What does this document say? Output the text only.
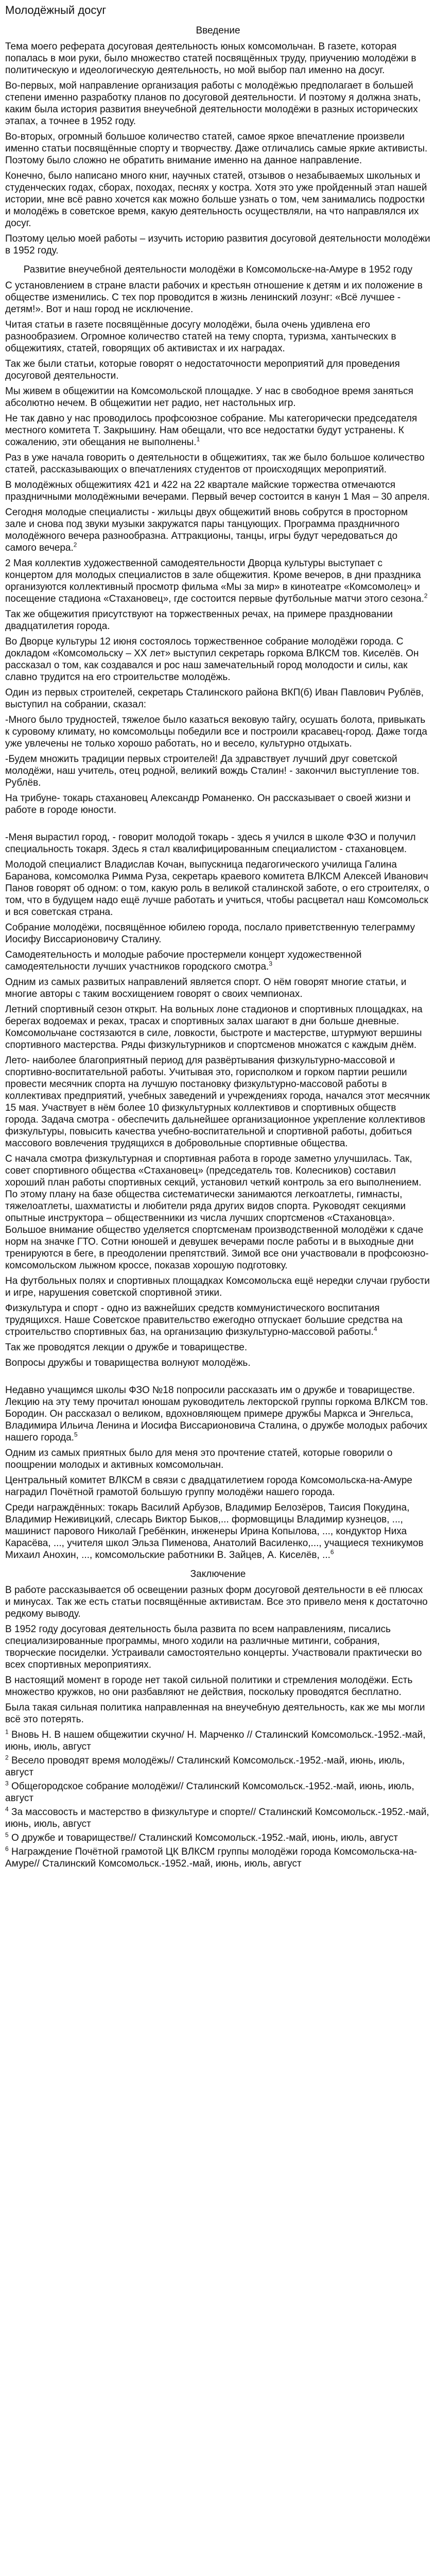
Молодёжный досуг
Введение

Тема моего реферата досуговая деятельность юных комсомольчан. В газете, которая попалась в мои руки, было множество статей посвящённых труду, приучению молодёжи в политическую и идеологическую деятельность, но мой выбор пал именно на досуг.

Во-первых, мой направление организация работы с молодёжью предполагает в большей степени именно разработку планов по досуговой деятельности. И поэтому я должна знать, каким была история развития внеучебной деятельности молодёжи в разных исторических этапах, а точнее в 1952 году.

Во-вторых, огромный большое количество статей, самое яркое впечатление произвели именно статьи посвящённые спорту и творчеству. Даже отличались самые яркие активисты. Поэтому было сложно не обратить внимание именно на данное направление.

Конечно, было написано много книг, научных статей, отзывов о незабываемых школьных и студенческих годах, сборах, походах, песнях у костра. Хотя это уже пройденный этап нашей истории, мне всё равно хочется как можно больше узнать о том, чем занимались подростки и молодёжь в советское время, какую деятельность осуществляли, на что направлялся их досуг.

Поэтому целью моей работы – изучить историю развития досуговой деятельности молодёжи в 1952 году.

Развитие внеучебной деятельности молодёжи в Комсомольске-на-Амуре в 1952 году

С установлением в стране власти рабочих и крестьян отношение к детям и их положение в обществе изменились. С тех пор проводится в жизнь ленинский лозунг: «Всё лучшее - детям!». Вот и наш город не исключение.

Читая статьи в газете посвящённые досугу молодёжи, была очень удивлена его разнообразием. Огромное количество статей на тему спорта, туризма, хантыческих в общежитиях, статей, говорящих об активистах и их наградах.

Так же были статьи, которые говорят о недостаточности мероприятий для проведения досуговой деятельности.

Мы живем в общежитии на Комсомольской площадке. У нас в свободное время заняться абсолютно нечем. В общежитии нет радио, нет настольных игр.

Не так давно у нас проводилось профсоюзное собрание. Мы категорически председателя местного комитета Т. Закрышину. Нам обещали, что все недостатки будут устранены. К сожалению, эти обещания не выполнены.$^1$

Раз в уже начала говорить о деятельности в общежитиях, так же было большое количество статей, рассказывающих о впечатлениях студентов от происходящих мероприятий.

В молодёжных общежитиях 421 и 422 на 22 квартале майские торжества отмечаются праздничными молодёжными вечерами. Первый вечер состоится в канун 1 Мая – 30 апреля.

Сегодня молодые специалисты - жильцы двух общежитий вновь собрутся в просторном зале и снова под звуки музыки закружатся пары танцующих. Программа праздничного молодёжного вечера разнообразна. Аттракционы, танцы, игры будут чередоваться до самого вечера.$^2$

2 Мая коллектив художественной самодеятельности Дворца культуры выступает с концертом для молодых специалистов в зале общежития. Кроме вечеров, в дни праздника организуются коллективный просмотр фильма «Мы за мир» в кинотеатре «Комсомолец» и посещение стадиона «Стахановец», где состоится первые футбольные матчи этого сезона.$^2$

Так же общежития присутствуют на торжественных речах, на примере праздновании двадцатилетия города.

Во Дворце культуры 12 июня состоялось торжественное собрание молодёжи города. С докладом «Комсомольску – XX лет» выступил секретарь горкома ВЛКСМ тов. Киселёв. Он рассказал о том, как создавался и рос наш замечательный город молодости и силы, как славно трудится на его строительстве молодёжь.

Один из первых строителей, секретарь Сталинского района ВКП(б) Иван Павлович Рублёв, выступил на собрании, сказал:

-Много было трудностей, тяжелое было казаться вековую тайгу, осушать болота, привыкать к суровому климату, но комсомольцы победили все и построили красавец-город. Даже тогда уже увлечены не только хорошо работать, но и весело, культурно отдыхать.

-Будем множить традиции первых строителей! Да здравствует лучший друг советской молодёжи, наш учитель, отец родной, великий вождь Сталин! - закончил выступление тов. Рублёв.

На трибуне- токарь стахановец Александр Романенко. Он рассказывает о своей жизни и работе в городе юности.

-Меня вырастил город, - говорит молодой токарь - здесь я учился в школе ФЗО и получил специальность токаря. Здесь я стал квалифицированным специалистом - стахановцем.

Молодой специалист Владислав Кочан, выпускница педагогического училища Галина Баранова, комсомолка Римма Руза, секретарь краевого комитета ВЛКСМ Алексей Иванович Панов говорят об одном: о том, какую роль в великой сталинской заботе, о его строителях, о том, что в будущем надо ещё лучше работать и учиться, чтобы расцветал наш Комсомольск и вся советская страна.

Собрание молодёжи, посвящённое юбилею города, послало приветственную телеграмму Иосифу Виссарионовичу Сталину.

Самодеятельность и молодые рабочие простермели концерт художественной самодеятельности лучших участников городского смотра.$^3$

Одним из самых развитых направлений является спорт. О нём говорят многие статьи, и многие авторы с таким восхищением говорят о своих чемпионах.

Летний спортивный сезон открыт. На вольных лоне стадионов и спортивных площадках, на берегах водоемах и реках, трасах и спортивных залах шагают в дни больше дневные. Комсомольчане состязаются в силе, ловкости, быстроте и мастерстве, штурмуют вершины спортивного мастерства. Ряды физкультурников и спортсменов множатся с каждым днём.

Лето- наиболее благоприятный период для развёртывания физкультурно-массовой и спортивно-воспитательной работы. Учитывая это, горисполком и горком партии решили провести месячник спорта на лучшую постановку физкультурно-массовой работы в коллективах предприятий, учебных заведений и учреждениях города, начался этот месячник 15 мая. Участвует в нём более 10 физкультурных коллективов и спортивных обществ города. Задача смотра - обеспечить дальнейшее организационное укрепление коллективов физкультуры, повысить качества учебно-воспитательной и спортивной работы, добиться массового вовлечения трудящихся в добровольные спортивные общества.

С начала смотра физкультурная и спортивная работа в городе заметно улучшилась. Так, совет спортивного общества «Стахановец» (председатель тов. Колесников) составил хороший план работы спортивных секций, установил четкий контроль за его выполнением. По этому плану на базе общества систематически занимаются легкоатлеты, гимнасты, тяжелоатлеты, шахматисты и любители ряда других видов спорта. Руководят секциями опытные инструктора – общественники из числа лучших спортсменов «Стахановца». Большое внимание общество уделяется спортсменам производственной молодёжи к сдаче норм на значке ГТО. Сотни юношей и девушек вечерами после работы и в выходные дни тренируются в беге, в преодолении препятствий. Зимой все они участвовали в профсоюзно-комсомольском лыжном кроссе, показав хорошую подготовку.

На футбольных полях и спортивных площадках Комсомольска ещё нередки случаи грубости и игре, нарушения советской спортивной этики.

Физкультура и спорт - одно из важнейших средств коммунистического воспитания трудящихся. Наше Советское правительство ежегодно отпускает большие средства на строительство спортивных баз, на организацию физкультурно-массовой работы.$^4$

Так же проводятся лекции о дружбе и товариществе.

Вопросы дружбы и товарищества волнуют молодёжь.

Недавно учащимся школы ФЗО №18 попросили рассказать им о дружбе и товариществе. Лекцию на эту тему прочитал юношам руководитель лекторской группы горкома ВЛКСМ тов. Бородин. Он рассказал о великом, вдохновляющем примере дружбы Маркса и Энгельса, Владимира Ильича Ленина и Иосифа Виссарионовича Сталина, о дружбе молодых рабочих нашего города.$^5$

Одним из самых приятных было для меня это прочтение статей, которые говорили о поощрении молодых и активных комсомольчан.

Центральный комитет ВЛКСМ в связи с двадцатилетием города Комсомольска-на-Амуре наградил Почётной грамотой большую группу молодёжи нашего города.

Среди награждённых: токарь Василий Арбузов, Владимир Белозёров, Таисия Покудина, Владимир Неживицкий, слесарь Виктор Быков,... формовщицы Владимир кузнецов, ..., машинист парового Николай Гребёнкин, инженеры Ирина Копылова, ..., кондуктор Ниха Карасёва, ..., учителя школ Эльза Пименова, Анатолий Василенко,..., учащиеся техникумов Михаил Аноxин, ..., комсомольские работники В. Зайцев, А. Киселёв, ...$^6$

Заключение

В работе рассказывается об освещении разных форм досуговой деятельности в её плюсах и минусах. Так же есть статьи посвящённые активистам. Все это привело меня к достаточно редкому выводу.

В 1952 году досуговая деятельность была развита по всем направлениям, писались специализированные программы, много ходили на различные митинги, собрания, творческие посиделки. Устраивали самостоятельно концерты. Участвовали практически во всех спортивных мероприятиях.

В настоящий момент в городе нет такой сильной политики и стремления молодёжи. Есть множество кружков, но они разбавляют не действия, поскольку проводятся бесплатно.

Была такая сильная политика направленная на внеучебную деятельность, как же мы могли всё это потерять.

$^1$ Вновь Н. В нашем общежитии скучно/ Н. Марченко // Сталинский Комсомольск.-1952.-май, июнь, июль, август

$^2$ Весело проводят время молодёжь// Сталинский Комсомольск.-1952.-май, июнь, июль, август

$^3$ Общегородское собрание молодёжи// Сталинский Комсомольск.-1952.-май, июнь, июль, август

$^4$ За массовость и мастерство в физкультуре и спорте// Сталинский Комсомольск.-1952.-май, июнь, июль, август

$^5$ О дружбе и товариществе// Сталинский Комсомольск.-1952.-май, июнь, июль, август

$^6$ Награждение Почётной грамотой ЦК ВЛКСМ группы молодёжи города Комсомольска-на-Амуре// Сталинский Комсомольск.-1952.-май, июнь, июль, август
